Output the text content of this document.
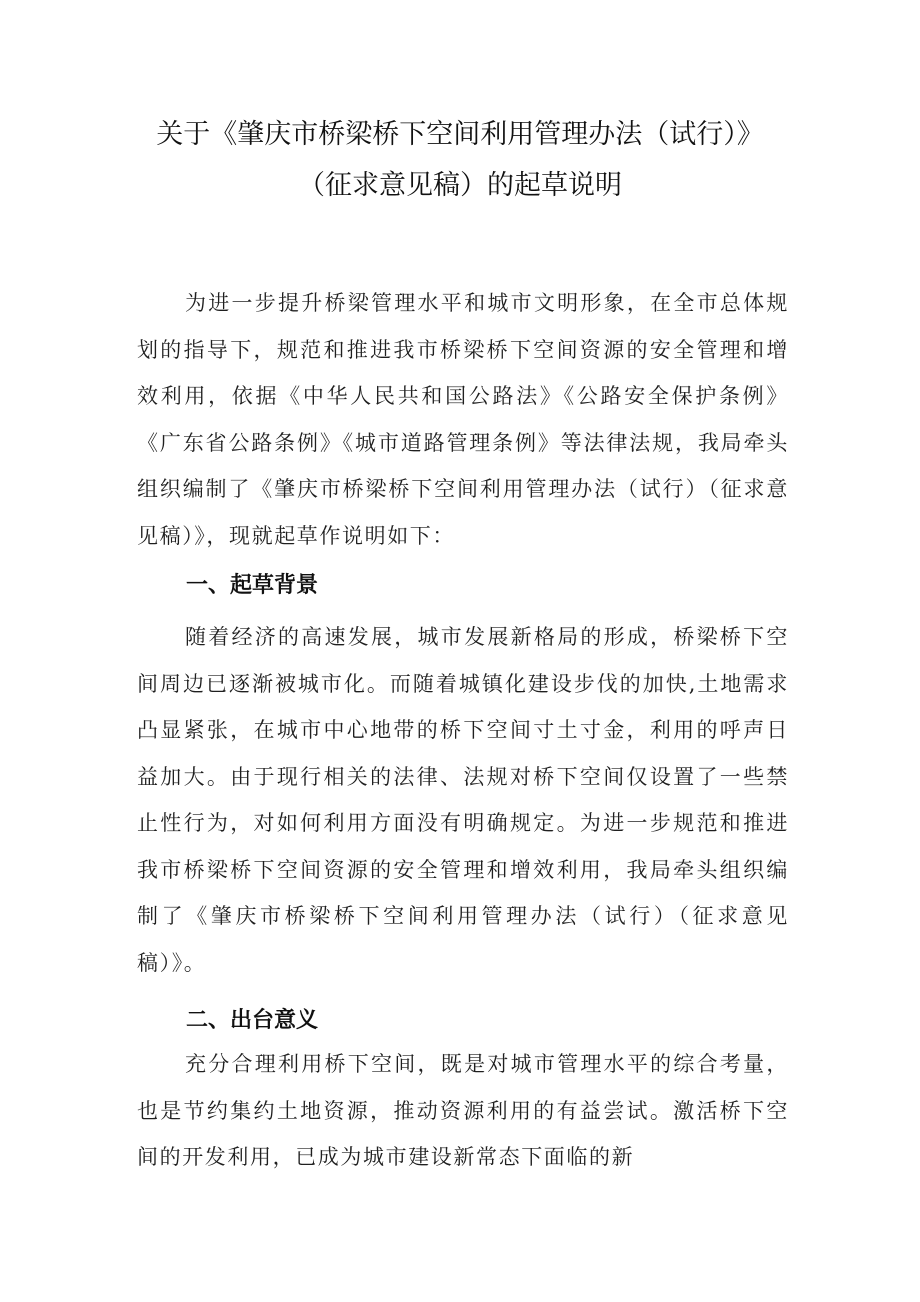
关于《肇庆市桥梁桥下空间利用管理办法（试行）》
（征求意见稿）的起草说明

为进一步提升桥梁管理水平和城市文明形象，在全市总体规划的指导下，规范和推进我市桥梁桥下空间资源的安全管理和增效利用，依据《中华人民共和国公路法》《公路安全保护条例》《广东省公路条例》《城市道路管理条例》等法律法规，我局牵头组织编制了《肇庆市桥梁桥下空间利用管理办法（试行）（征求意见稿）》，现就起草作说明如下：

一、起草背景

随着经济的高速发展，城市发展新格局的形成，桥梁桥下空间周边已逐渐被城市化。而随着城镇化建设步伐的加快,土地需求凸显紧张，在城市中心地带的桥下空间寸土寸金，利用的呼声日益加大。由于现行相关的法律、法规对桥下空间仅设置了一些禁止性行为，对如何利用方面没有明确规定。为进一步规范和推进我市桥梁桥下空间资源的安全管理和增效利用，我局牵头组织编制了《肇庆市桥梁桥下空间利用管理办法（试行）（征求意见稿）》。

二、出台意义

充分合理利用桥下空间，既是对城市管理水平的综合考量，也是节约集约土地资源，推动资源利用的有益尝试。激活桥下空间的开发利用，已成为城市建设新常态下面临的新
